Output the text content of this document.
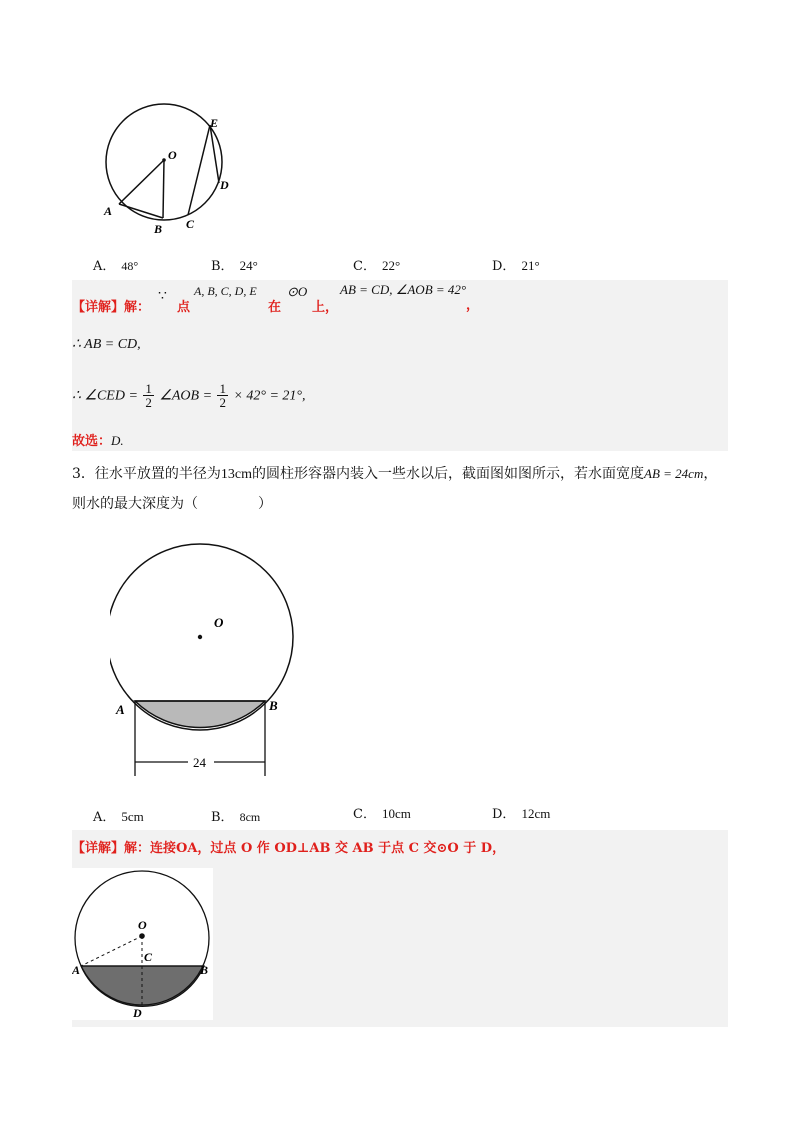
O
A
B C
D
E
A． 48°	B． 24°	C． 22°	D． 21°
【详解】解：
∵
点
A, B, C, D, E
在
⊙O
上，
AB = CD, ∠AOB = 42°
，
∴ AB = CD,
∴ ∠CED = $\frac{1}{2}$ ∠AOB = $\frac{1}{2} \times 42^\circ = 21^\circ$,
故选：D.
3．往水平放置的半径为13cm的圆柱形容器内装入一些水以后，截面图如图所示，若水面宽度AB = 24cm，
则水的最大深度为（	）
O
A	B
24
A． 5cm	B． 8cm	C． 10cm	D． 12cm
【详解】解：连接OA，过点 O 作 OD⊥AB 交 AB 于点 C 交⊙O 于 D，
O
C
A	B
D
